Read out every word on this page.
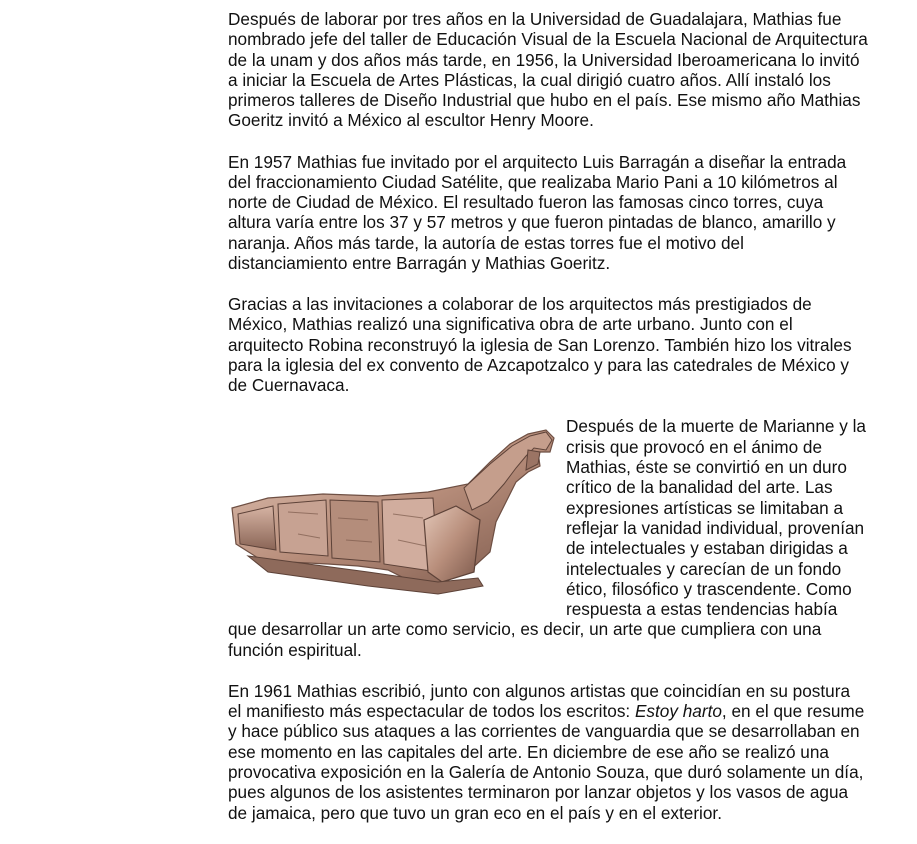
Después de laborar por tres años en la Universidad de Guadalajara, Mathias fue nombrado jefe del taller de Educación Visual de la Escuela Nacional de Arquitectura de la unam y dos años más tarde, en 1956, la Universidad Iberoamericana lo invitó a iniciar la Escuela de Artes Plásticas, la cual dirigió cuatro años. Allí instaló los primeros talleres de Diseño Industrial que hubo en el país. Ese mismo año Mathias Goeritz invitó a México al escultor Henry Moore.

En 1957 Mathias fue invitado por el arquitecto Luis Barragán a diseñar la entrada del fraccionamiento Ciudad Satélite, que realizaba Mario Pani a 10 kilómetros al norte de Ciudad de México. El resultado fueron las famosas cinco torres, cuya altura varía entre los 37 y 57 metros y que fueron pintadas de blanco, amarillo y naranja. Años más tarde, la autoría de estas torres fue el motivo del distanciamiento entre Barragán y Mathias Goeritz.

Gracias a las invitaciones a colaborar de los arquitectos más prestigiados de México, Mathias realizó una significativa obra de arte urbano. Junto con el arquitecto Robina reconstruyó la iglesia de San Lorenzo. También hizo los vitrales para la iglesia del ex convento de Azcapotzalco y para las catedrales de México y de Cuernavaca.

Después de la muerte de Marianne y la crisis que provocó en el ánimo de Mathias, éste se convirtió en un duro crítico de la banalidad del arte. Las expresiones artísticas se limitaban a reflejar la vanidad individual, provenían de intelectuales y estaban dirigidas a intelectuales y carecían de un fondo ético, filosófico y trascendente. Como respuesta a estas tendencias había que desarrollar un arte como servicio, es decir, un arte que cumpliera con una función espiritual.

En 1961 Mathias escribió, junto con algunos artistas que coincidían en su postura el manifiesto más espectacular de todos los escritos: Estoy harto, en el que resume y hace público sus ataques a las corrientes de vanguardia que se desarrollaban en ese momento en las capitales del arte. En diciembre de ese año se realizó una provocativa exposición en la Galería de Antonio Souza, que duró solamente un día, pues algunos de los asistentes terminaron por lanzar objetos y los vasos de agua de jamaica, pero que tuvo un gran eco en el país y en el exterior.
